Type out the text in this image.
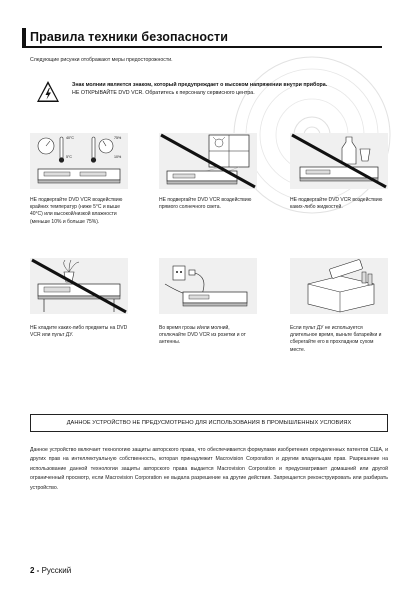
Правила техники безопасности
Следующие рисунки отображают меры предосторожности.
Знак молнии является знаком, который предупреждает о высоком напряжении внутри прибора.
НЕ ОТКРЫВАЙТЕ DVD VCR. Обратитесь к персоналу сервисного центра.
40°C	75%
5°C	10%
НЕ подвергайте DVD VCR воздействию крайних температур (ниже 5°C и выше 40°C) или высокой/низкой влажности (меньше 10% и больше 75%).
НЕ подвергайте DVD VCR воздействию прямого солнечного света.
НЕ подвергайте DVD VCR воздействию каких-либо жидкостей.
НЕ кладите каких-либо предметы на DVD VCR или пульт ДУ.
Во время грозы и/или молний, отключайте DVD VCR из розетки и от антенны.
Если пульт ДУ не используется длительное время, выньте батарейки и сберегайте его в прохладном сухом месте.
ДАННОЕ УСТРОЙСТВО НЕ ПРЕДУСМОТРЕНО ДЛЯ ИСПОЛЬЗОВАНИЯ В ПРОМЫШЛЕННЫХ УСЛОВИЯХ
Данное устройство включает технологию защиты авторского права, что обеспечивается формулами изобретения определенных патентов США, и других прав на интеллектуальную собственность, которая принадлежит Macrovision Corporation и другим владельцам прав. Разрешение на использование данной технологии защиты авторского права выдается Macrovision Corporation и предусматривает домашний или другой ограниченный просмотр, если Macrovision Corporation не выдала разрешение на другие действия. Запрещается реконструировать или разбирать устройство.
2 - Русский
